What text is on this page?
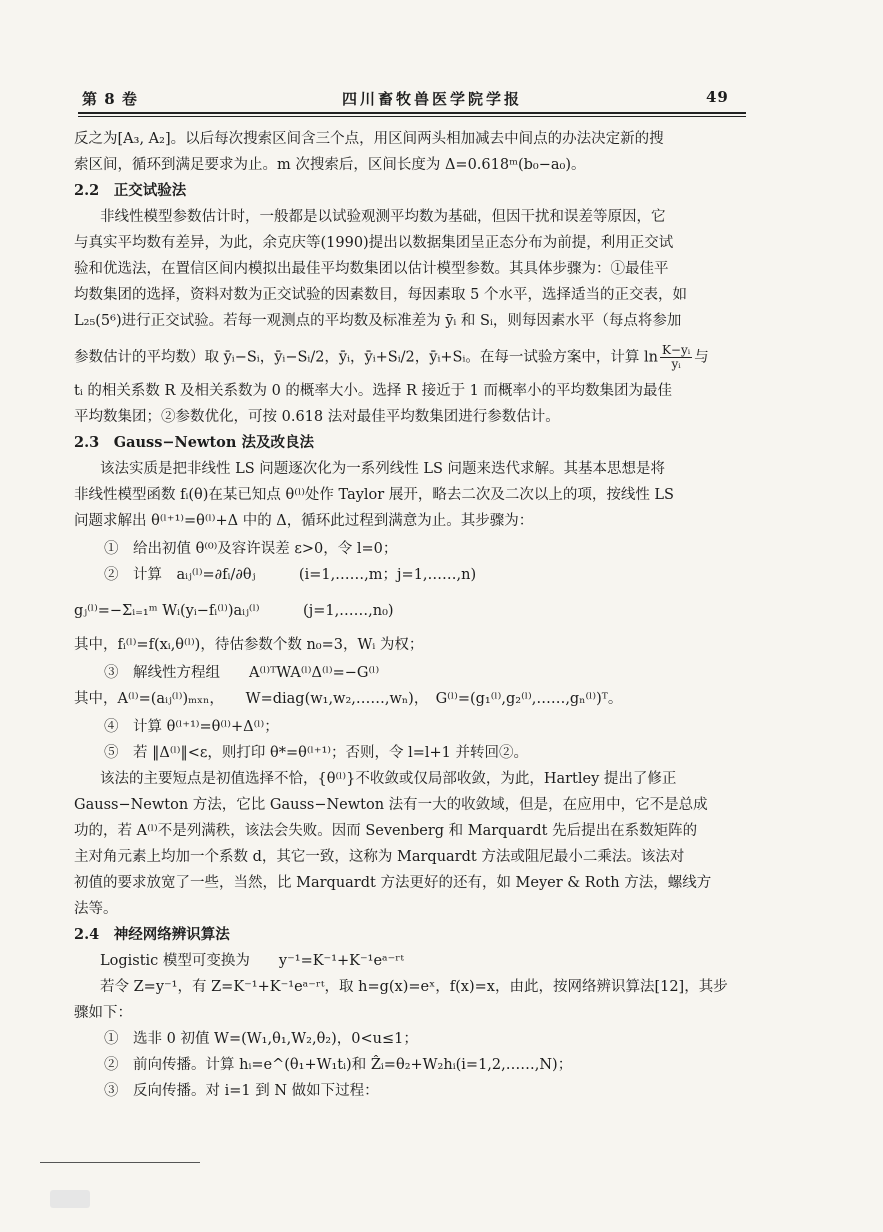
第 8 卷	四川畜牧兽医学院学报	49
反之为[A₃, A₂]。以后每次搜索区间含三个点，用区间两头相加减去中间点的办法决定新的搜
索区间，循环到满足要求为止。m 次搜索后，区间长度为 Δ=0.618ᵐ(b₀−a₀)。
2.2　正交试验法
非线性模型参数估计时，一般都是以试验观测平均数为基础，但因干扰和误差等原因，它
与真实平均数有差异，为此，余克庆等(1990)提出以数据集团呈正态分布为前提，利用正交试
验和优选法，在置信区间内模拟出最佳平均数集团以估计模型参数。其具体步骤为：①最佳平
均数集团的选择，资料对数为正交试验的因素数目，每因素取 5 个水平，选择适当的正交表，如
L₂₅(5⁶)进行正交试验。若每一观测点的平均数及标准差为 ȳᵢ 和 Sᵢ，则每因素水平（每点将参加
参数估计的平均数）取 ȳᵢ−Sᵢ，ȳᵢ−Sᵢ/2，ȳᵢ，ȳᵢ+Sᵢ/2，ȳᵢ+Sᵢ。在每一试验方案中，计算 $\ln \frac{\text{K−yᵢ}}{\text{yᵢ}}$ 与
tᵢ 的相关系数 R 及相关系数为 0 的概率大小。选择 R 接近于 1 而概率小的平均数集团为最佳
平均数集团；②参数优化，可按 0.618 法对最佳平均数集团进行参数估计。
2.3　Gauss−Newton 法及改良法
该法实质是把非线性 LS 问题逐次化为一系列线性 LS 问题来迭代求解。其基本思想是将
非线性模型函数 fᵢ(θ)在某已知点 θ⁽ˡ⁾处作 Taylor 展开，略去二次及二次以上的项，按线性 LS
问题求解出 θ⁽ˡ⁺¹⁾=θ⁽ˡ⁾+Δ 中的 Δ，循环此过程到满意为止。其步骤为：
①　给出初值 θ⁽⁰⁾及容许误差 ε>0，令 l=0；
②　计算　aᵢⱼ⁽ˡ⁾=∂fᵢ/∂θⱼ　　　(i=1,……,m；j=1,……,n)
gⱼ⁽ˡ⁾=−Σᵢ₌₁ᵐ Wᵢ(yᵢ−fᵢ⁽ˡ⁾)aᵢⱼ⁽ˡ⁾　　　(j=1,……,n₀)
其中，fᵢ⁽ˡ⁾=f(xᵢ,θ⁽ˡ⁾)，待估参数个数 n₀=3，Wᵢ 为权；
③　解线性方程组　　A⁽ˡ⁾ᵀWA⁽ˡ⁾Δ⁽ˡ⁾=−G⁽ˡ⁾
其中，A⁽ˡ⁾=(aᵢⱼ⁽ˡ⁾)ₘₓₙ，　　W=diag(w₁,w₂,……,wₙ)，　G⁽ˡ⁾=(g₁⁽ˡ⁾,g₂⁽ˡ⁾,……,gₙ⁽ˡ⁾)ᵀ。
④　计算 θ⁽ˡ⁺¹⁾=θ⁽ˡ⁾+Δ⁽ˡ⁾；
⑤　若 ‖Δ⁽ˡ⁾‖<ε，则打印 θ*=θ⁽ˡ⁺¹⁾；否则，令 l=l+1 并转回②。
该法的主要短点是初值选择不恰，{θ⁽ˡ⁾}不收敛或仅局部收敛，为此，Hartley 提出了修正
Gauss−Newton 方法，它比 Gauss−Newton 法有一大的收敛域，但是，在应用中，它不是总成
功的，若 A⁽ˡ⁾不是列满秩，该法会失败。因而 Sevenberg 和 Marquardt 先后提出在系数矩阵的
主对角元素上均加一个系数 d，其它一致，这称为 Marquardt 方法或阻尼最小二乘法。该法对
初值的要求放宽了一些，当然，比 Marquardt 方法更好的还有，如 Meyer & Roth 方法，螺线方
法等。
2.4　神经网络辨识算法
Logistic 模型可变换为　　y⁻¹=K⁻¹+K⁻¹eᵃ⁻ʳᵗ
若令 Z=y⁻¹，有 Z=K⁻¹+K⁻¹eᵃ⁻ʳᵗ，取 h=g(x)=eˣ，f(x)=x，由此，按网络辨识算法[12]，其步
骤如下：
①　选非 0 初值 W=(W₁,θ₁,W₂,θ₂)，0<u≤1；
②　前向传播。计算 hᵢ=e^(θ₁+W₁tᵢ)和 Ẑᵢ=θ₂+W₂hᵢ(i=1,2,……,N)；
③　反向传播。对 i=1 到 N 做如下过程：
